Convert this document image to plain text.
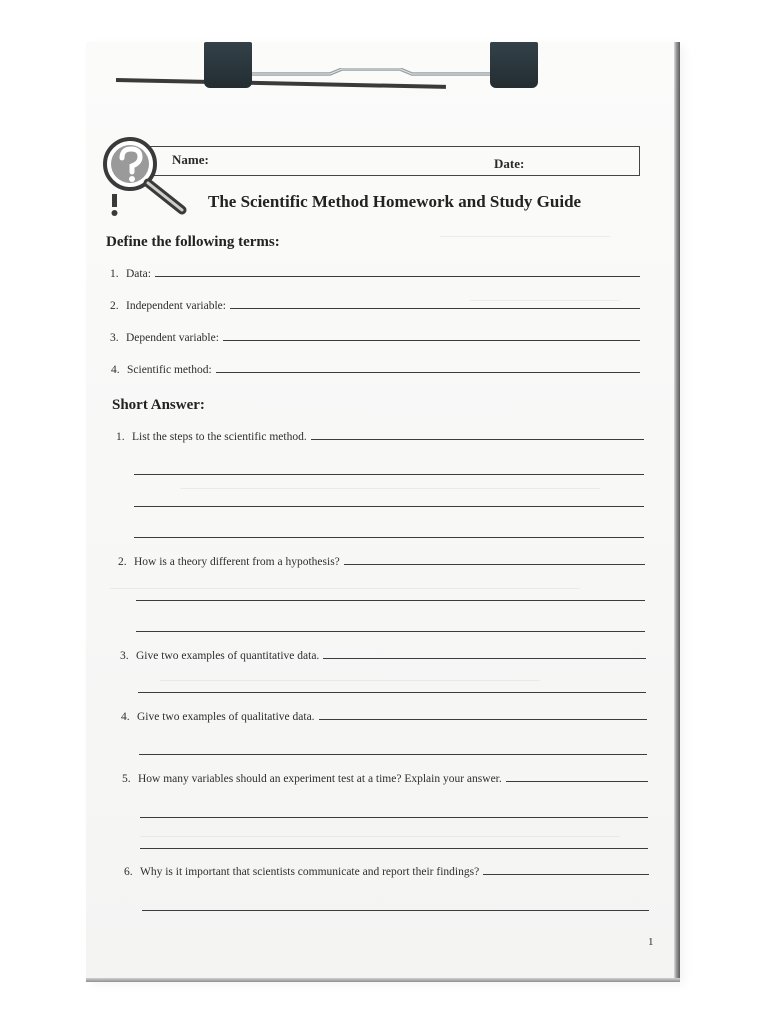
Name:	Date:
The Scientific Method Homework and Study Guide
Define the following terms:
1. Data:
2. Independent variable:
3. Dependent variable:
4. Scientific method:
Short Answer:
1. List the steps to the scientific method.
2. How is a theory different from a hypothesis?
3. Give two examples of quantitative data.
4. Give two examples of qualitative data.
5. How many variables should an experiment test at a time? Explain your answer.
6. Why is it important that scientists communicate and report their findings?
1
